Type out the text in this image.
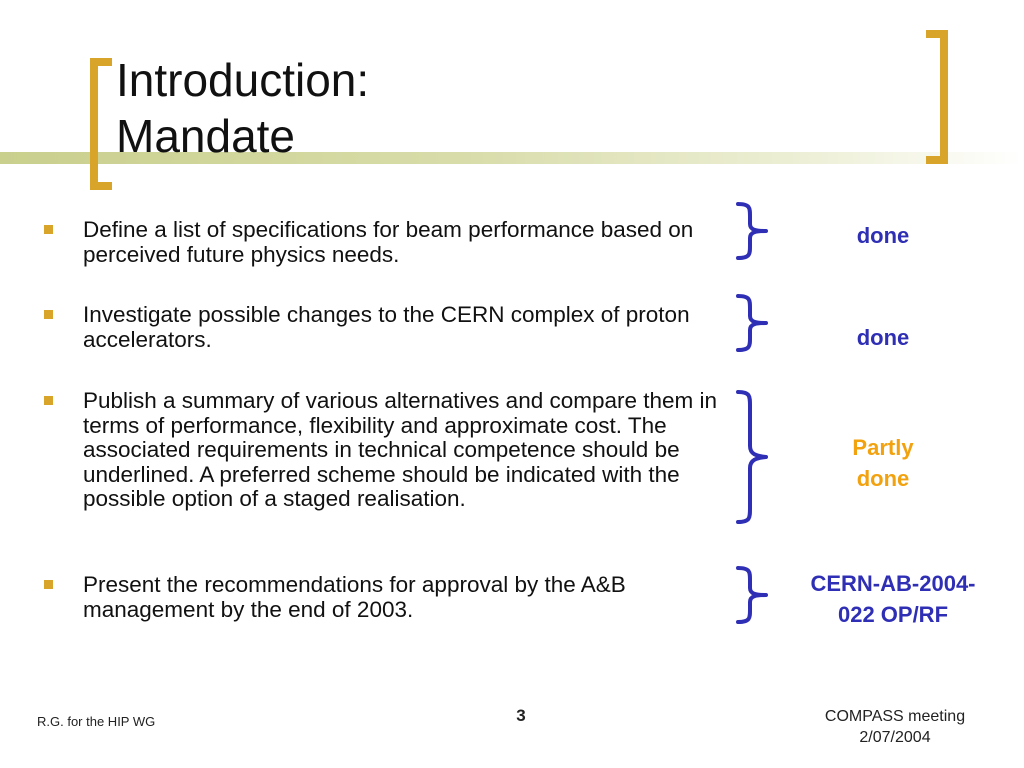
Introduction:
Mandate
Define a list of specifications for beam performance based on perceived future physics needs.
done
Investigate possible changes to the CERN complex of proton accelerators.	done
Publish a summary of various alternatives and compare them in terms of performance, flexibility and approximate cost. The associated requirements in technical competence should be underlined. A preferred scheme should be indicated with the possible option of a staged realisation.
Partly
done
Present the recommendations for approval by the A&B management by the end of 2003.
CERN-AB-2004-
022 OP/RF
R.G. for the HIP WG	3	COMPASS meeting
2/07/2004
